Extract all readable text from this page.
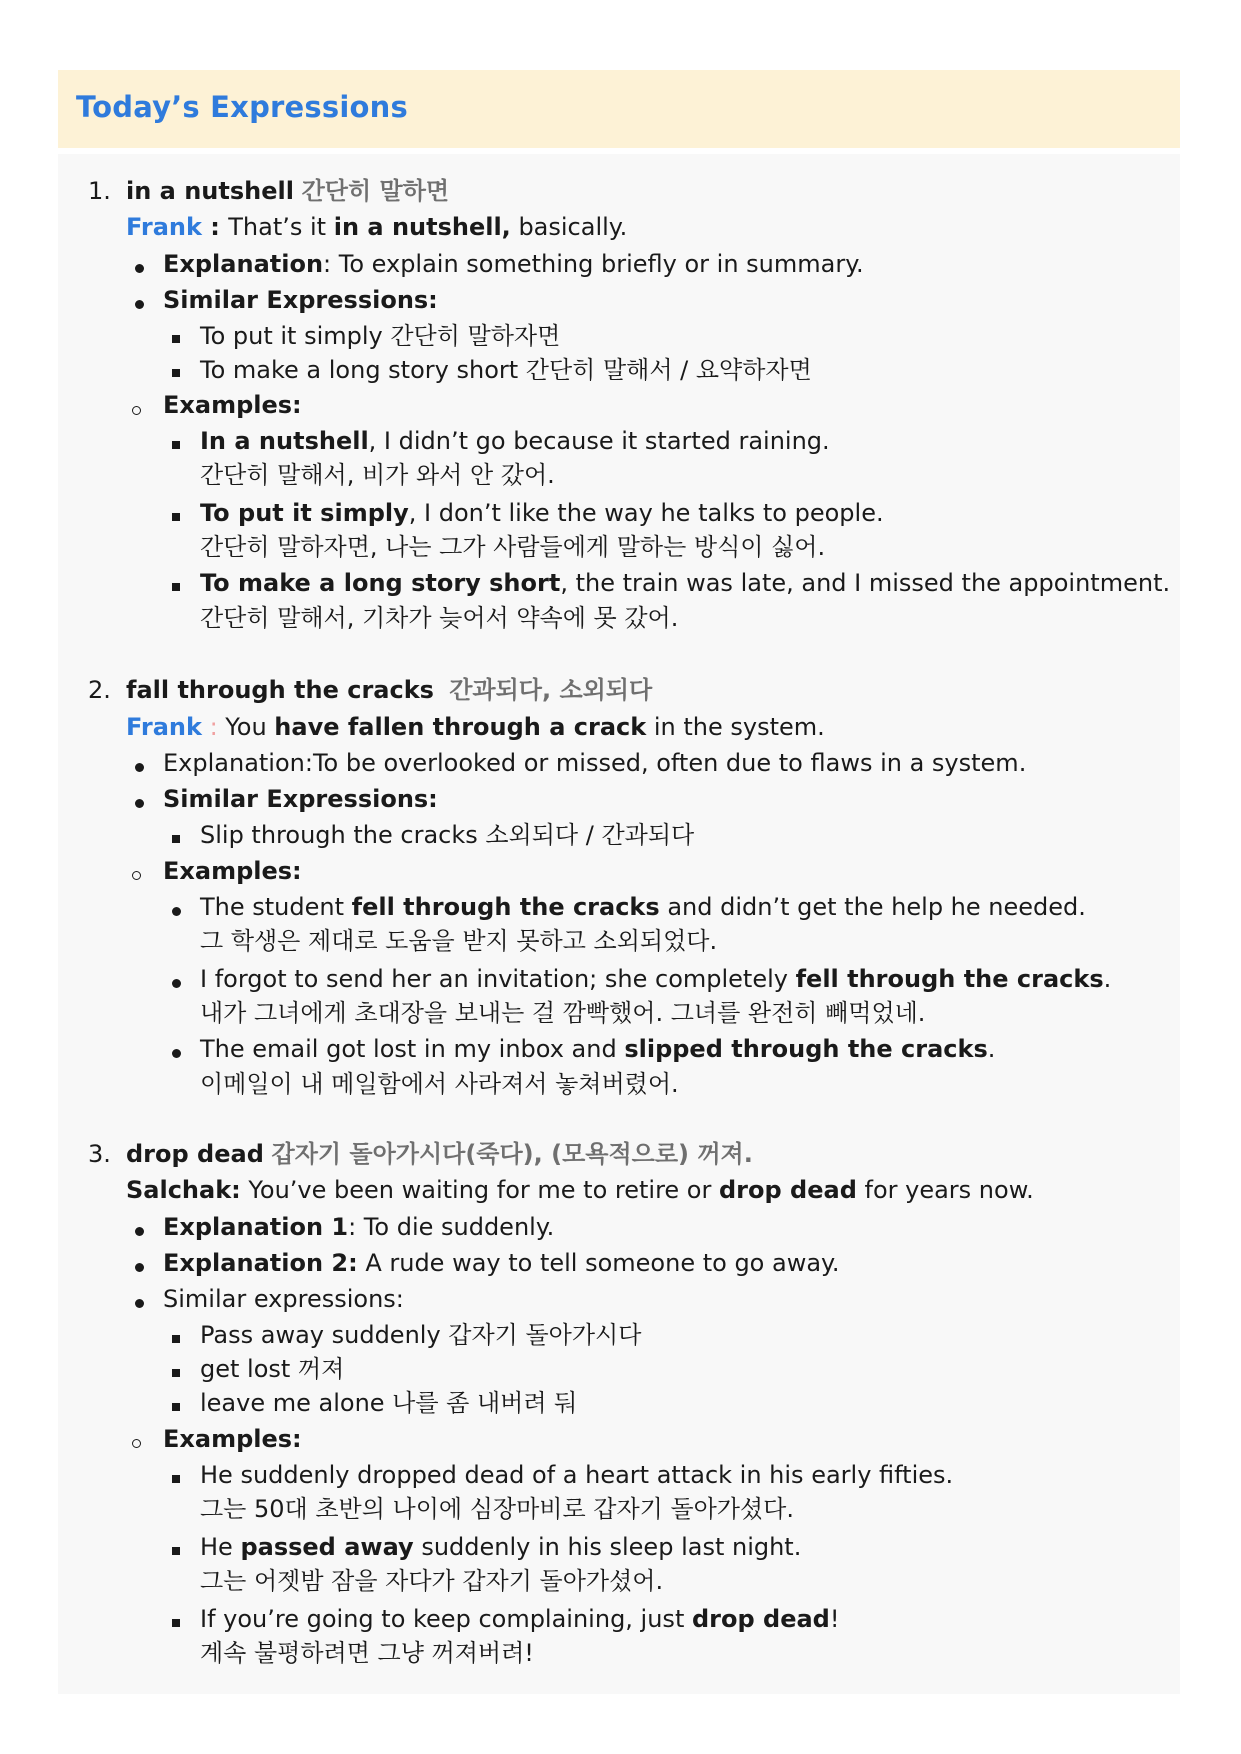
Today’s Expressions
1. in a nutshell 간단히 말하면
Frank : That’s it in a nutshell, basically.
Explanation: To explain something briefly or in summary.
Similar Expressions:
To put it simply 간단히 말하자면
To make a long story short 간단히 말해서 / 요약하자면
Examples:
In a nutshell, I didn’t go because it started raining.
간단히 말해서, 비가 와서 안 갔어.
To put it simply, I don’t like the way he talks to people.
간단히 말하자면, 나는 그가 사람들에게 말하는 방식이 싫어.
To make a long story short, the train was late, and I missed the appointment.
간단히 말해서, 기차가 늦어서 약속에 못 갔어.
2. fall through the cracks 간과되다, 소외되다
Frank : You have fallen through a crack in the system.
Explanation:To be overlooked or missed, often due to flaws in a system.
Similar Expressions:
Slip through the cracks 소외되다 / 간과되다
Examples:
The student fell through the cracks and didn’t get the help he needed.
그 학생은 제대로 도움을 받지 못하고 소외되었다.
I forgot to send her an invitation; she completely fell through the cracks.
내가 그녀에게 초대장을 보내는 걸 깜빡했어. 그녀를 완전히 빼먹었네.
The email got lost in my inbox and slipped through the cracks.
이메일이 내 메일함에서 사라져서 놓쳐버렸어.
3. drop dead 갑자기 돌아가시다(죽다), (모욕적으로) 꺼져.
Salchak: You’ve been waiting for me to retire or drop dead for years now.
Explanation 1: To die suddenly.
Explanation 2: A rude way to tell someone to go away.
Similar expressions:
Pass away suddenly 갑자기 돌아가시다
get lost 꺼져
leave me alone 나를 좀 내버려 둬
Examples:
He suddenly dropped dead of a heart attack in his early fifties.
그는 50대 초반의 나이에 심장마비로 갑자기 돌아가셨다.
He passed away suddenly in his sleep last night.
그는 어젯밤 잠을 자다가 갑자기 돌아가셨어.
If you’re going to keep complaining, just drop dead!
계속 불평하려면 그냥 꺼져버려!
